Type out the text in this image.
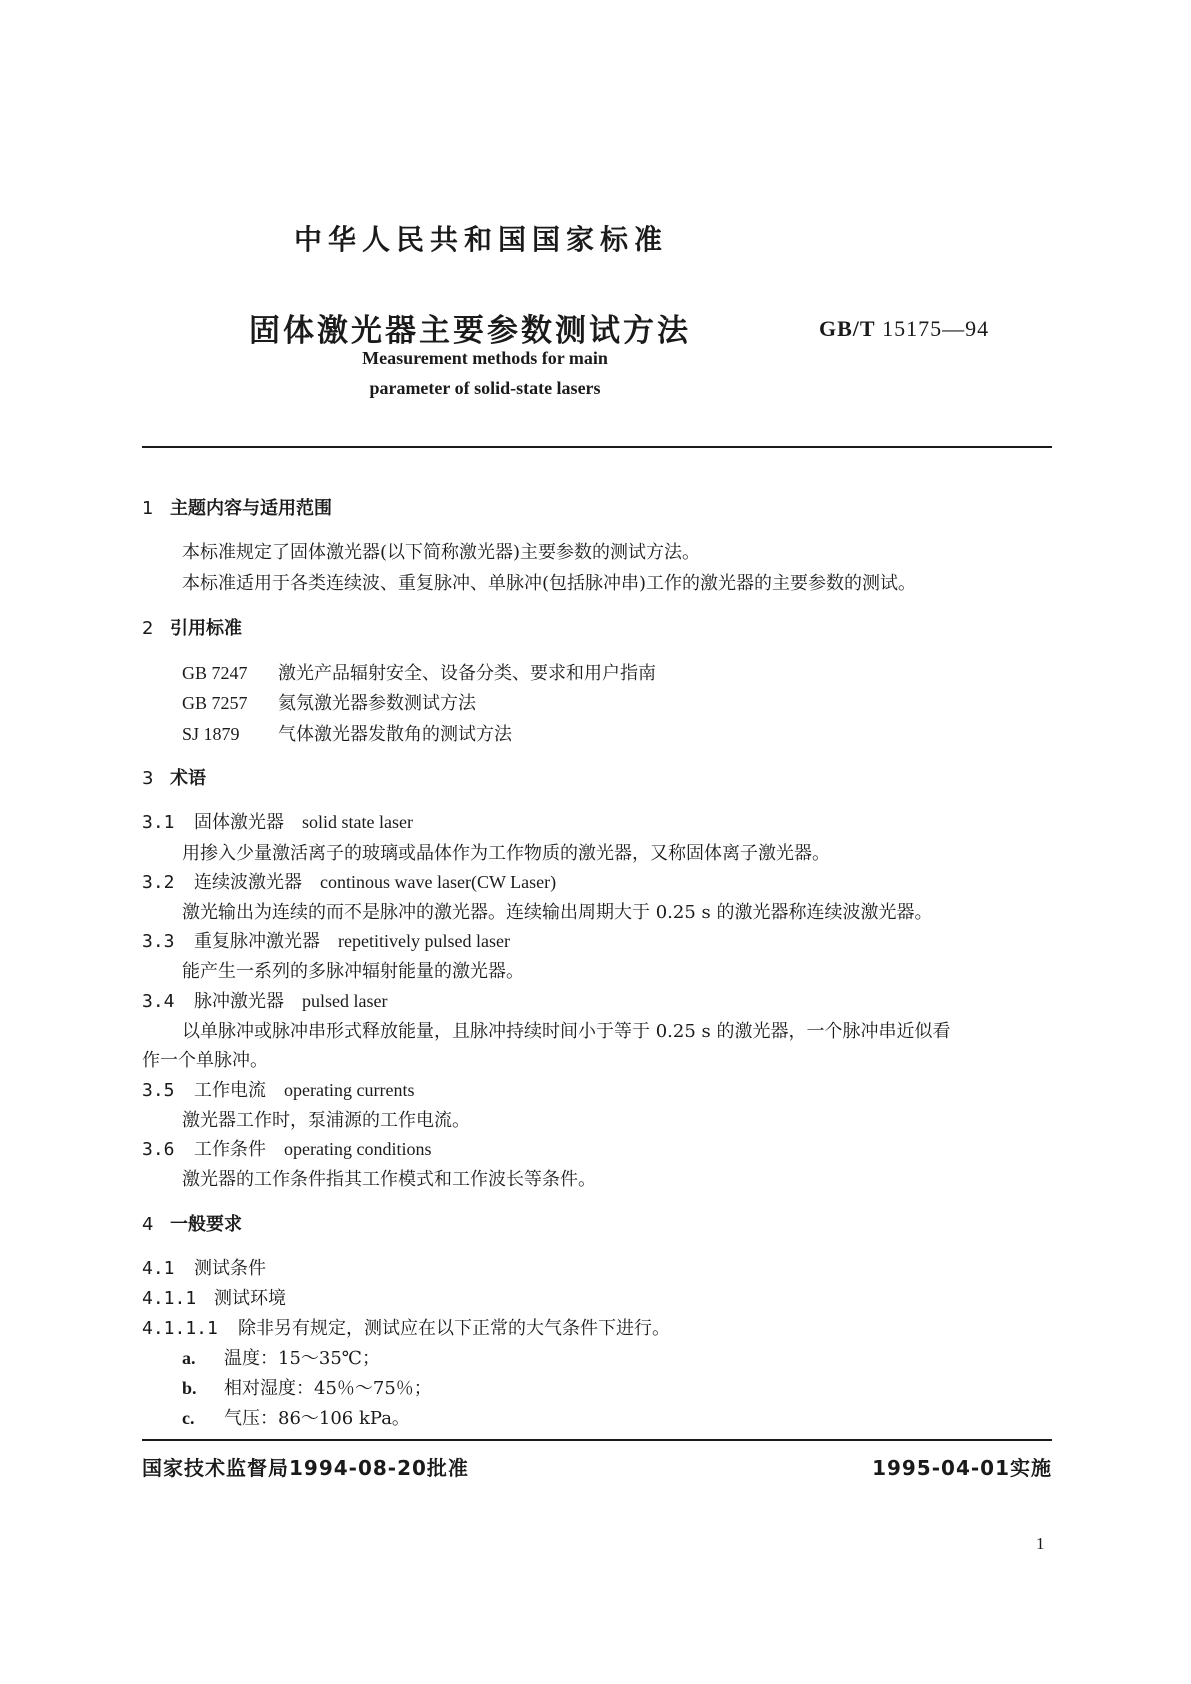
中华人民共和国国家标准
固体激光器主要参数测试方法	GB/T 15175—94
Measurement methods for main
parameter of solid-state lasers
1 主题内容与适用范围
本标准规定了固体激光器(以下简称激光器)主要参数的测试方法。
本标准适用于各类连续波、重复脉冲、单脉冲(包括脉冲串)工作的激光器的主要参数的测试。
2 引用标准
GB 7247 激光产品辐射安全、设备分类、要求和用户指南
GB 7257 氦氖激光器参数测试方法
SJ 1879 气体激光器发散角的测试方法
3 术语
3.1 固体激光器 solid state laser
用掺入少量激活离子的玻璃或晶体作为工作物质的激光器，又称固体离子激光器。
3.2 连续波激光器 continous wave laser(CW Laser)
激光输出为连续的而不是脉冲的激光器。连续输出周期大于 0.25 s 的激光器称连续波激光器。
3.3 重复脉冲激光器 repetitively pulsed laser
能产生一系列的多脉冲辐射能量的激光器。
3.4 脉冲激光器 pulsed laser
以单脉冲或脉冲串形式释放能量，且脉冲持续时间小于等于 0.25 s 的激光器，一个脉冲串近似看
作一个单脉冲。
3.5 工作电流 operating currents
激光器工作时，泵浦源的工作电流。
3.6 工作条件 operating conditions
激光器的工作条件指其工作模式和工作波长等条件。
4 一般要求
4.1 测试条件
4.1.1 测试环境
4.1.1.1 除非另有规定，测试应在以下正常的大气条件下进行。
a. 温度：15～35℃；
b. 相对湿度：45％～75％；
c. 气压：86～106 kPa。
国家技术监督局1994-08-20批准	1995-04-01实施
1
